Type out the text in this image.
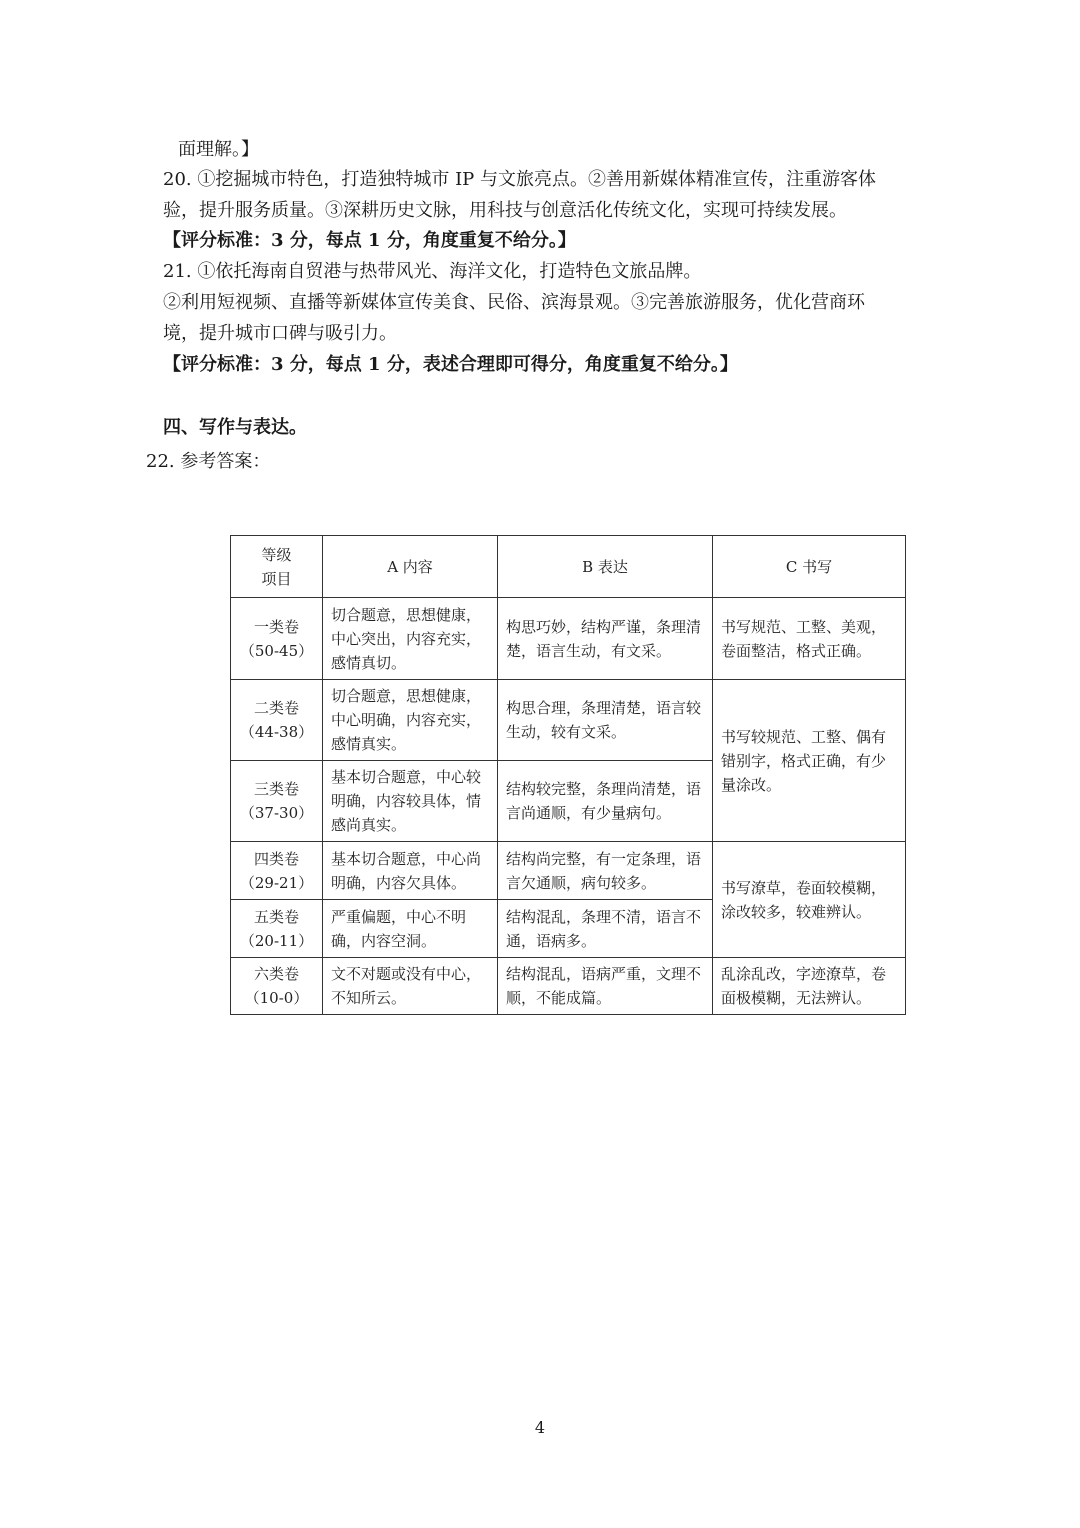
面理解。】
20. ①挖掘城市特色，打造独特城市 IP 与文旅亮点。②善用新媒体精准宣传，注重游客体
验，提升服务质量。③深耕历史文脉，用科技与创意活化传统文化，实现可持续发展。
【评分标准：3 分，每点 1 分，角度重复不给分。】
21. ①依托海南自贸港与热带风光、海洋文化，打造特色文旅品牌。
②利用短视频、直播等新媒体宣传美食、民俗、滨海景观。③完善旅游服务，优化营商环
境，提升城市口碑与吸引力。
【评分标准：3 分，每点 1 分，表述合理即可得分，角度重复不给分。】
四、写作与表达。
22. 参考答案：
等级
项目	A 内容	B 表达	C 书写

一类卷
（50-45）	切合题意，思想健康，中心突出，内容充实，感情真切。	构思巧妙，结构严谨，条理清楚，语言生动，有文采。	书写规范、工整、美观，卷面整洁，格式正确。

二类卷
（44-38）	切合题意，思想健康，中心明确，内容充实，感情真实。	构思合理，条理清楚，语言较生动，较有文采。	书写较规范、工整、偶有错别字，格式正确，有少量涂改。

三类卷
（37-30）	基本切合题意，中心较明确，内容较具体，情感尚真实。	结构较完整，条理尚清楚，语言尚通顺，有少量病句。	

四类卷
（29-21）	基本切合题意，中心尚明确，内容欠具体。	结构尚完整，有一定条理，语言欠通顺，病句较多。	书写潦草，卷面较模糊，涂改较多，较难辨认。

五类卷
（20-11）	严重偏题，中心不明确，内容空洞。	结构混乱，条理不清，语言不通，语病多。	

六类卷
（10-0）	文不对题或没有中心，不知所云。	结构混乱，语病严重，文理不顺，不能成篇。	乱涂乱改，字迹潦草，卷面极模糊，无法辨认。
4
